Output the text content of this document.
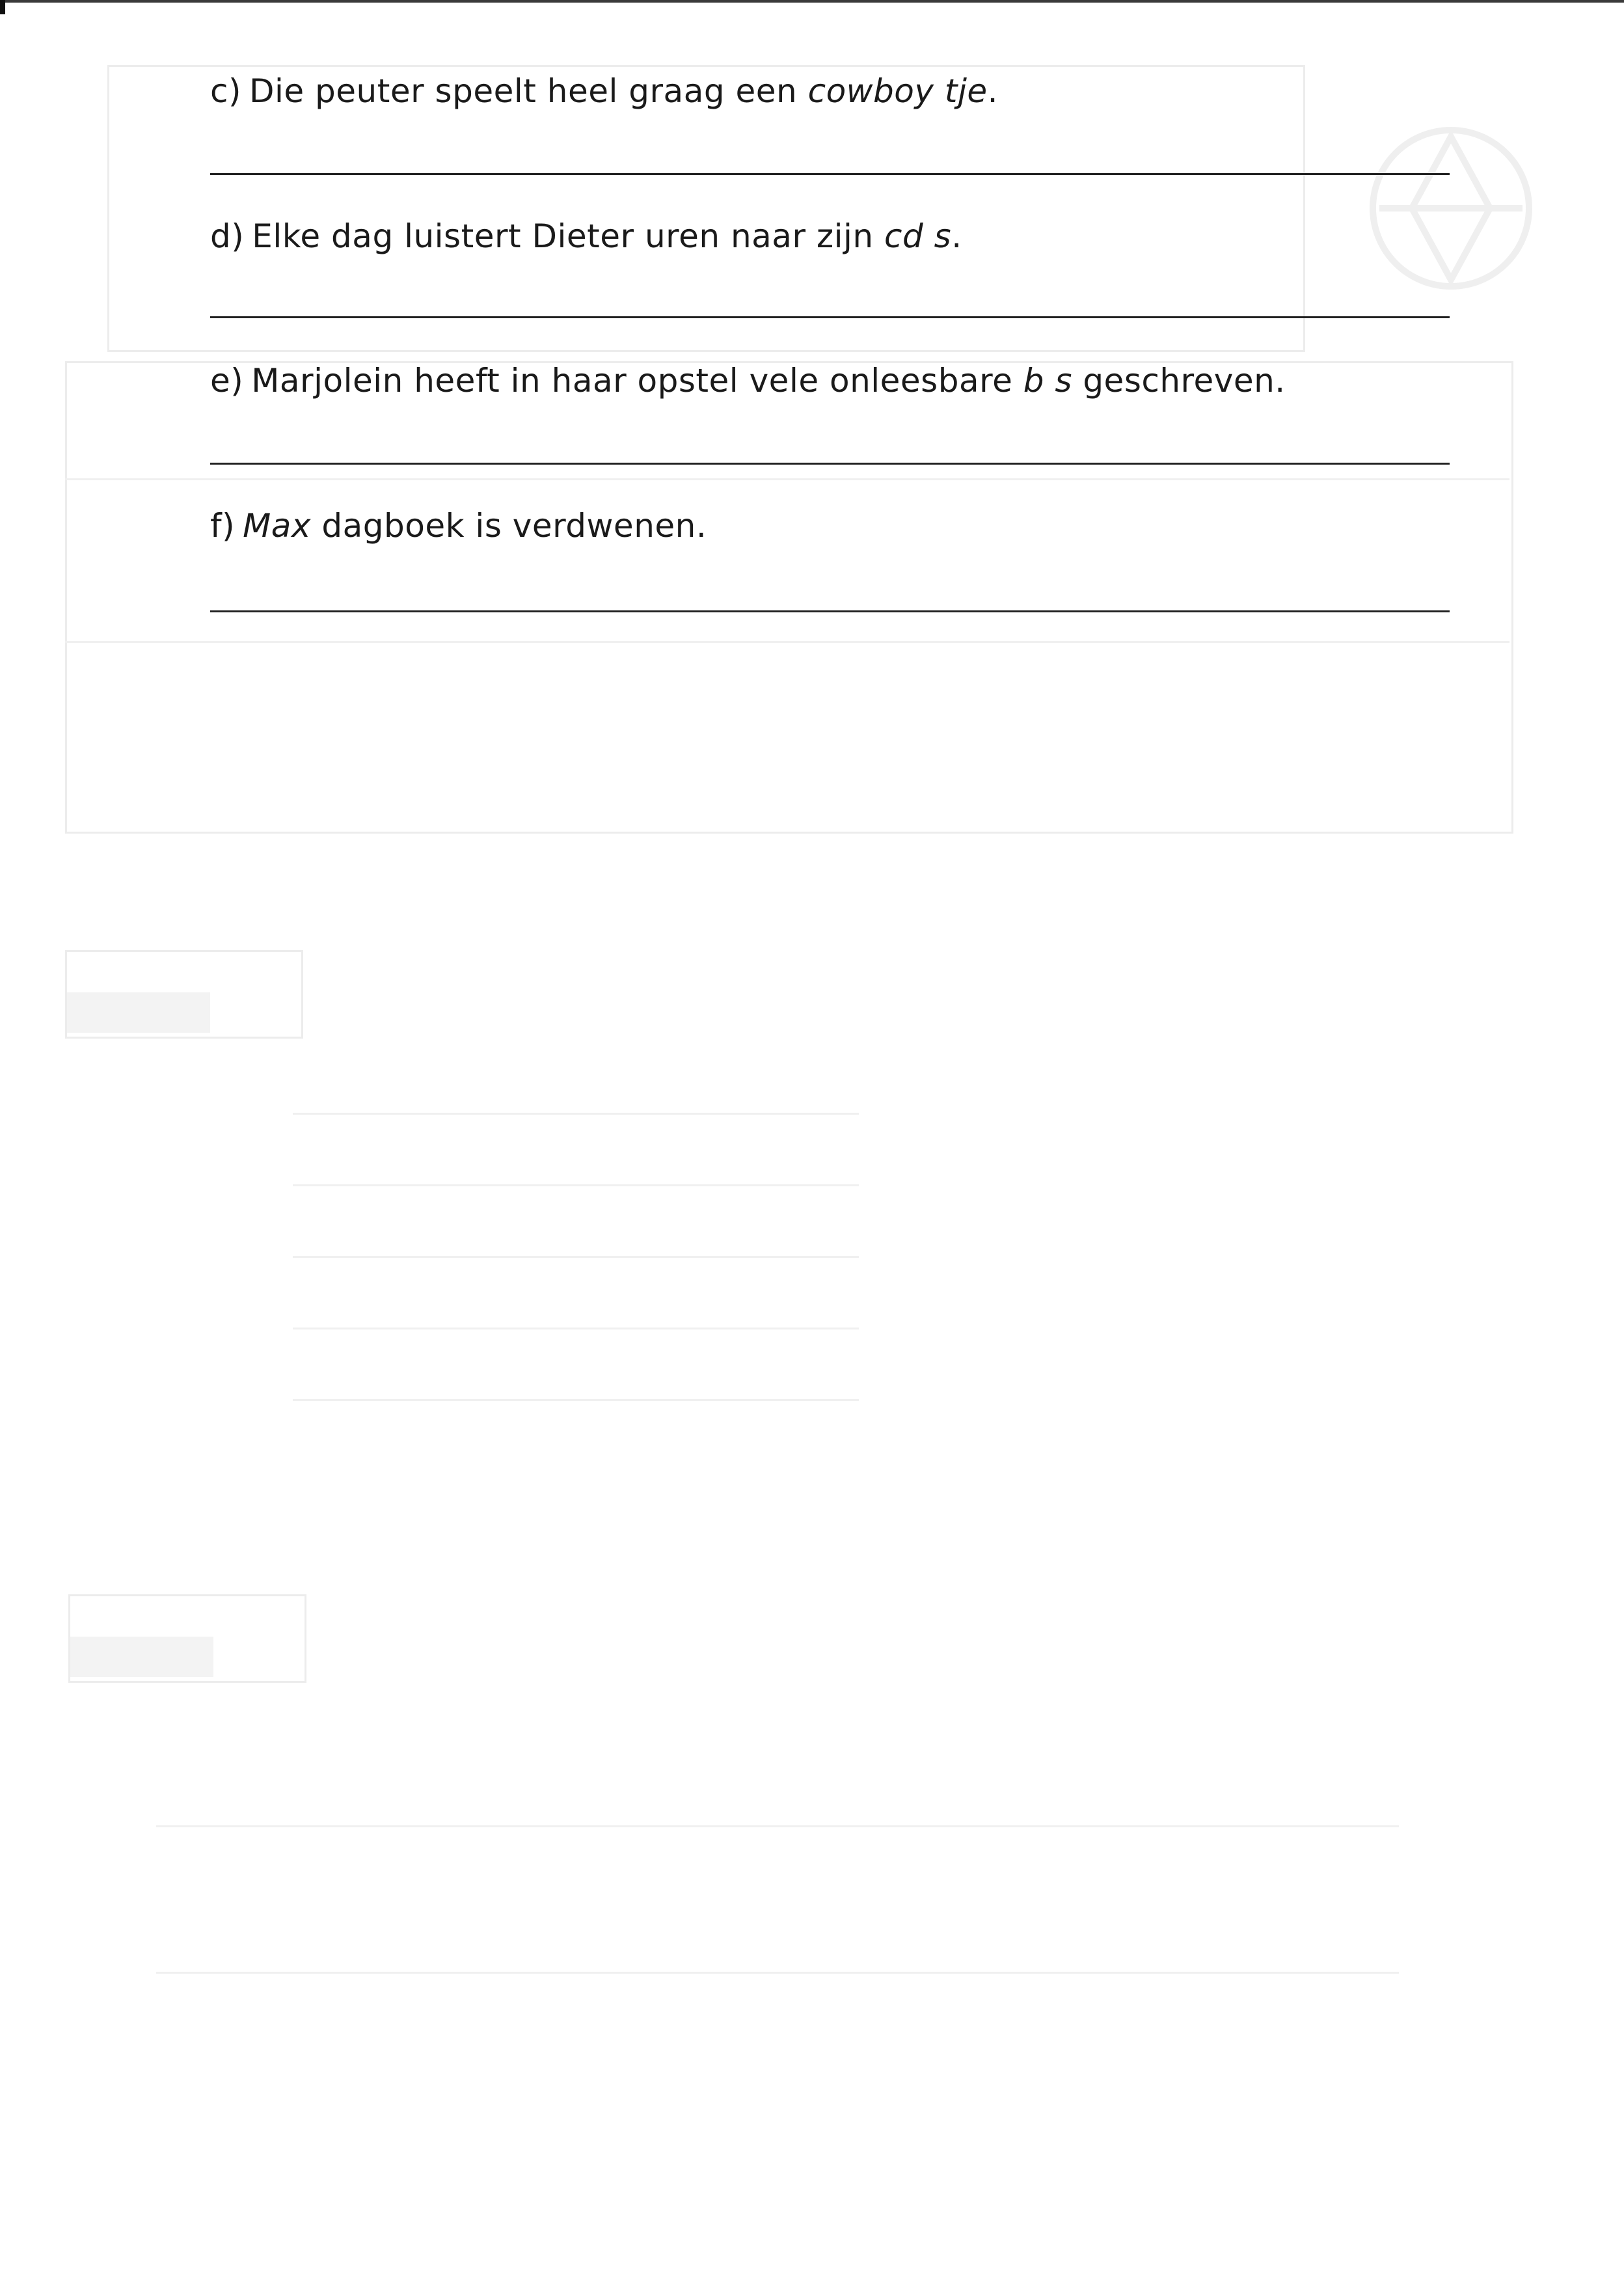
c) Die peuter speelt heel graag een cowboy tje.
d) Elke dag luistert Dieter uren naar zijn cd s.
e) Marjolein heeft in haar opstel vele onleesbare b s geschreven.
f) Max dagboek is verdwenen.
